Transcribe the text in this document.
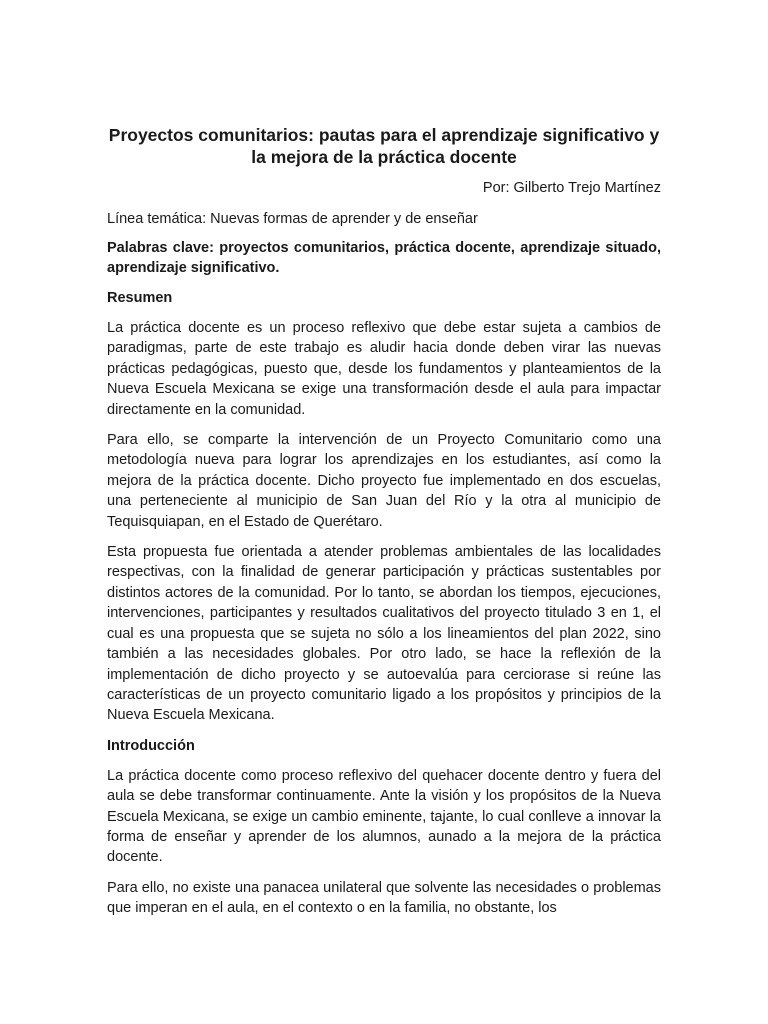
Proyectos comunitarios: pautas para el aprendizaje significativo y la mejora de la práctica docente

Por: Gilberto Trejo Martínez

Línea temática: Nuevas formas de aprender y de enseñar

Palabras clave: proyectos comunitarios, práctica docente, aprendizaje situado, aprendizaje significativo.

Resumen

La práctica docente es un proceso reflexivo que debe estar sujeta a cambios de paradigmas, parte de este trabajo es aludir hacia donde deben virar las nuevas prácticas pedagógicas, puesto que, desde los fundamentos y planteamientos de la Nueva Escuela Mexicana se exige una transformación desde el aula para impactar directamente en la comunidad.

Para ello, se comparte la intervención de un Proyecto Comunitario como una metodología nueva para lograr los aprendizajes en los estudiantes, así como la mejora de la práctica docente. Dicho proyecto fue implementado en dos escuelas, una perteneciente al municipio de San Juan del Río y la otra al municipio de Tequisquiapan, en el Estado de Querétaro.

Esta propuesta fue orientada a atender problemas ambientales de las localidades respectivas, con la finalidad de generar participación y prácticas sustentables por distintos actores de la comunidad. Por lo tanto, se abordan los tiempos, ejecuciones, intervenciones, participantes y resultados cualitativos del proyecto titulado 3 en 1, el cual es una propuesta que se sujeta no sólo a los lineamientos del plan 2022, sino también a las necesidades globales. Por otro lado, se hace la reflexión de la implementación de dicho proyecto y se autoevalúa para cerciorase si reúne las características de un proyecto comunitario ligado a los propósitos y principios de la Nueva Escuela Mexicana.

Introducción

La práctica docente como proceso reflexivo del quehacer docente dentro y fuera del aula se debe transformar continuamente. Ante la visión y los propósitos de la Nueva Escuela Mexicana, se exige un cambio eminente, tajante, lo cual conlleve a innovar la forma de enseñar y aprender de los alumnos, aunado a la mejora de la práctica docente.

Para ello, no existe una panacea unilateral que solvente las necesidades o problemas que imperan en el aula, en el contexto o en la familia, no obstante, los
